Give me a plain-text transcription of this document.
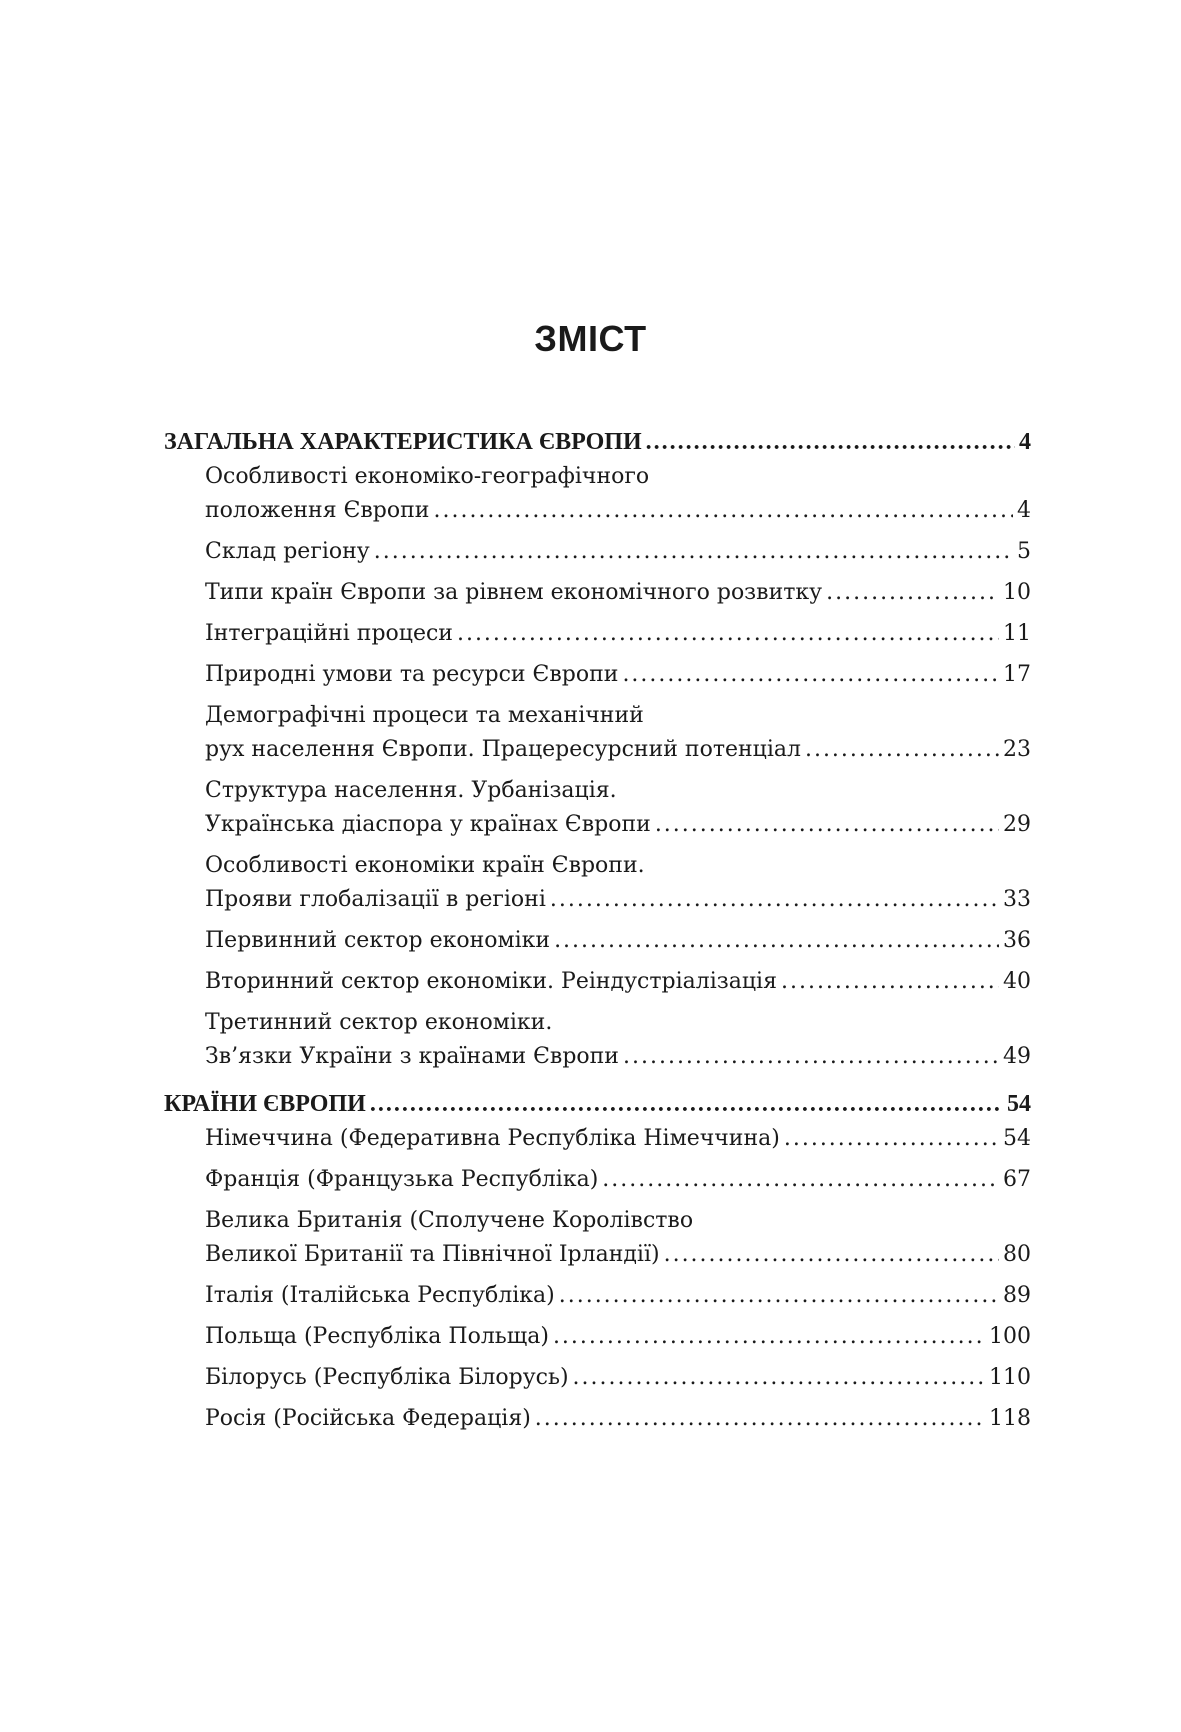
ЗМІСТ
ЗАГАЛЬНА ХАРАКТЕРИСТИКА ЄВРОПИ .....	4
Особливості економіко-географічного
положення Європи .....	4
Склад регіону .....	5
Типи країн Європи за рівнем економічного розвитку .....	10
Інтеграційні процеси .....	11
Природні умови та ресурси Європи .....	17
Демографічні процеси та механічний
рух населення Європи. Працересурсний потенціал .....	23
Структура населення. Урбанізація.
Українська діаспора у країнах Європи .....	29
Особливості економіки країн Європи.
Прояви глобалізації в регіоні .....	33
Первинний сектор економіки .....	36
Вторинний сектор економіки. Реіндустріалізація .....	40
Третинний сектор економіки.
Зв’язки України з країнами Європи .....	49
КРАЇНИ ЄВРОПИ .....	54
Німеччина (Федеративна Республіка Німеччина) .....	54
Франція (Французька Республіка) .....	67
Велика Британія (Сполучене Королівство
Великої Британії та Північної Ірландії) .....	80
Італія (Італійська Республіка) .....	89
Польща (Республіка Польща) .....	100
Білорусь (Республіка Білорусь) .....	110
Росія (Російська Федерація) .....	118
